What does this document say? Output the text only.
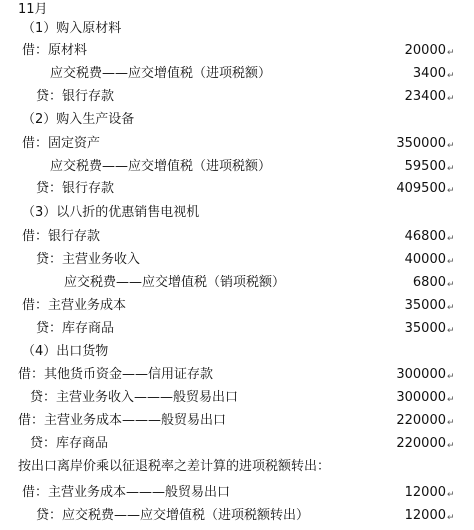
11月
（1）购入原材料
借：原材料	20000 ↵
应交税费——应交增值税（进项税额）	3400 ↵
贷：银行存款	23400 ↵
（2）购入生产设备
借：固定资产	350000 ↵
应交税费——应交增值税（进项税额）	59500 ↵
贷：银行存款	409500 ↵
（3）以八折的优惠销售电视机
借：银行存款	46800 ↵
贷：主营业务收入	40000 ↵
应交税费——应交增值税（销项税额）	6800 ↵
借：主营业务成本	35000 ↵
贷：库存商品	35000 ↵
（4）出口货物
借：其他货币资金——信用证存款	300000 ↵
贷：主营业务收入———般贸易出口	300000 ↵
借：主营业务成本———般贸易出口	220000 ↵
贷：库存商品	220000 ↵
按出口离岸价乘以征退税率之差计算的进项税额转出：
借：主营业务成本———般贸易出口	12000 ↵
贷：应交税费——应交增值税（进项税额转出）	12000 ↵
